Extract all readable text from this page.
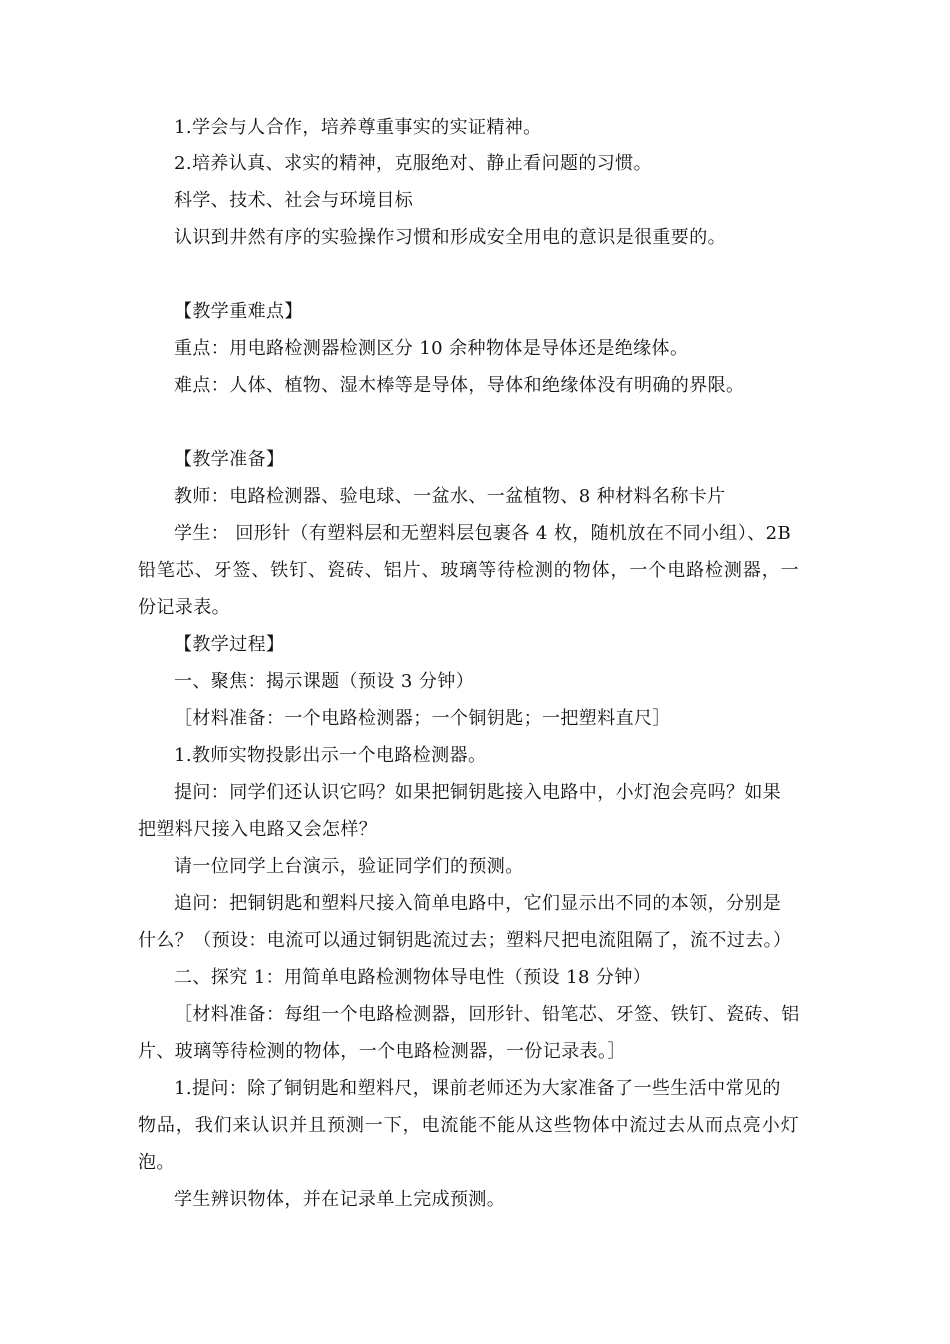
1.学会与人合作，培养尊重事实的实证精神。
2.培养认真、求实的精神，克服绝对、静止看问题的习惯。
科学、技术、社会与环境目标
认识到井然有序的实验操作习惯和形成安全用电的意识是很重要的。
【教学重难点】
重点：用电路检测器检测区分 10 余种物体是导体还是绝缘体。
难点：人体、植物、湿木棒等是导体，导体和绝缘体没有明确的界限。
【教学准备】
教师：电路检测器、验电球、一盆水、一盆植物、8 种材料名称卡片
学生： 回形针（有塑料层和无塑料层包裹各 4 枚，随机放在不同小组）、2B
铅笔芯、牙签、铁钉、瓷砖、铝片、玻璃等待检测的物体，一个电路检测器，一
份记录表。
【教学过程】
一、聚焦：揭示课题（预设 3 分钟）
［材料准备：一个电路检测器；一个铜钥匙；一把塑料直尺］
1.教师实物投影出示一个电路检测器。
提问：同学们还认识它吗？如果把铜钥匙接入电路中，小灯泡会亮吗？如果
把塑料尺接入电路又会怎样？
请一位同学上台演示，验证同学们的预测。
追问：把铜钥匙和塑料尺接入简单电路中，它们显示出不同的本领，分别是
什么？（预设：电流可以通过铜钥匙流过去；塑料尺把电流阻隔了，流不过去。）
二、探究 1：用简单电路检测物体导电性（预设 18 分钟）
［材料准备：每组一个电路检测器，回形针、铅笔芯、牙签、铁钉、瓷砖、铝
片、玻璃等待检测的物体，一个电路检测器，一份记录表。］
1.提问：除了铜钥匙和塑料尺，课前老师还为大家准备了一些生活中常见的
物品，我们来认识并且预测一下，电流能不能从这些物体中流过去从而点亮小灯
泡。
学生辨识物体，并在记录单上完成预测。
